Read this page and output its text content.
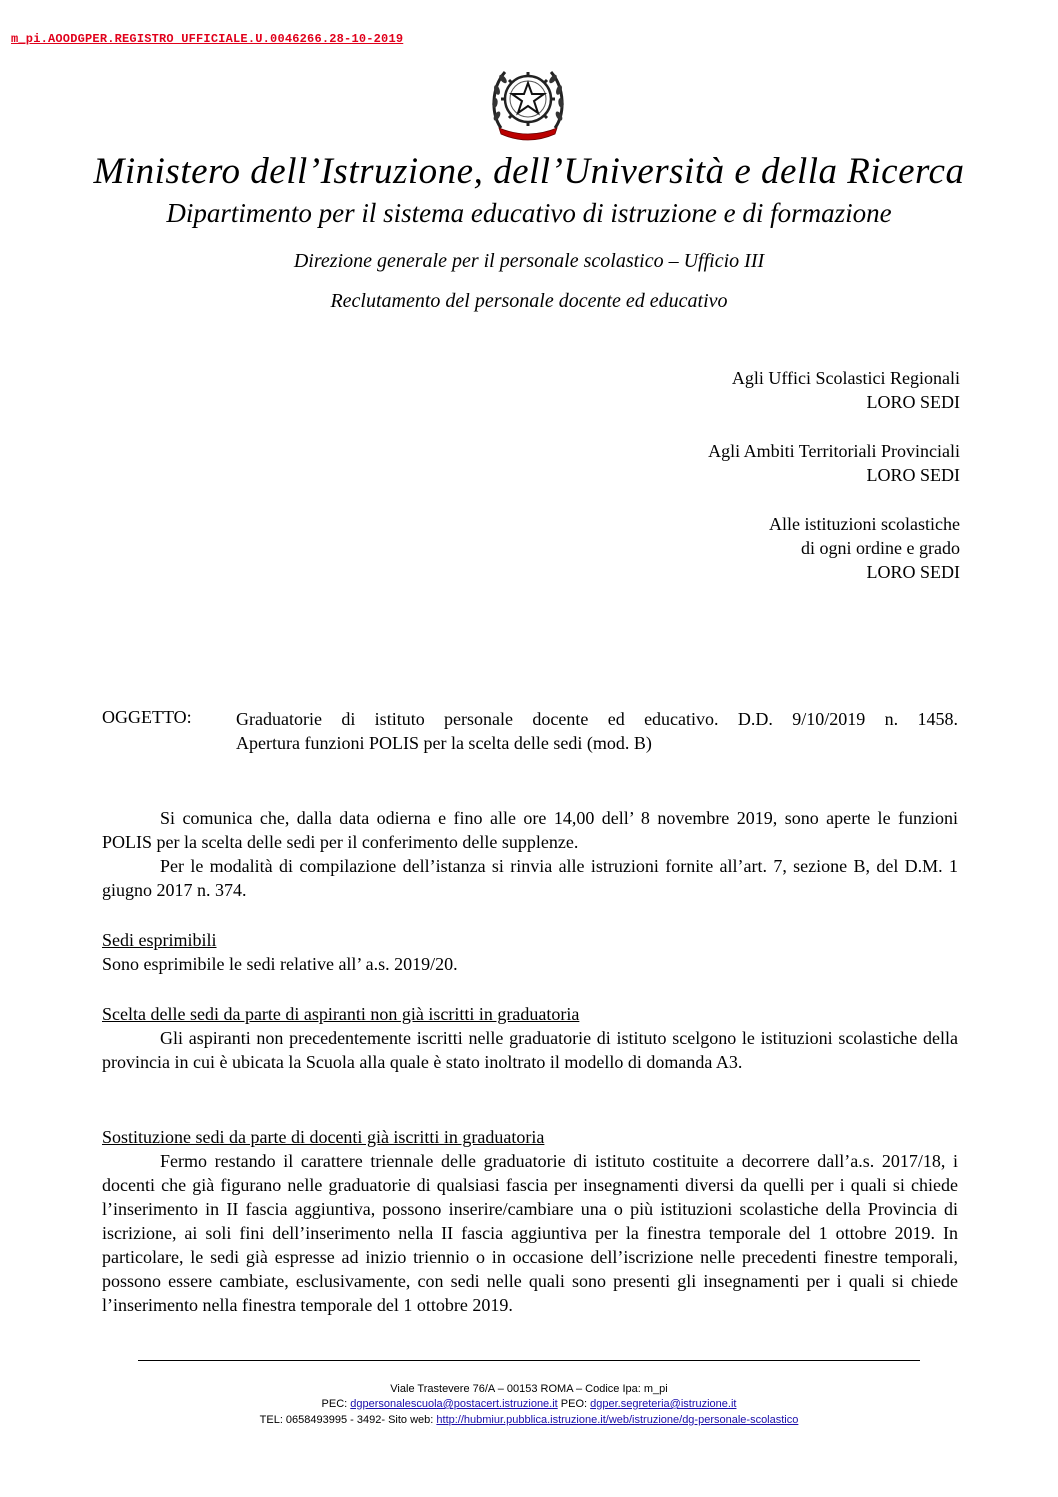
m_pi.AOODGPER.REGISTRO UFFICIALE.U.0046266.28-10-2019
Ministero dell’Istruzione, dell’Università e della Ricerca
Dipartimento per il sistema educativo di istruzione e di formazione
Direzione generale per il personale scolastico – Ufficio III
Reclutamento del personale docente ed educativo
Agli Uffici Scolastici Regionali
LORO SEDI
Agli Ambiti Territoriali Provinciali
LORO SEDI
Alle istituzioni scolastiche
di ogni ordine e grado
LORO SEDI
OGGETTO: Graduatorie di istituto personale docente ed educativo. D.D. 9/10/2019 n. 1458.
Apertura funzioni POLIS per la scelta delle sedi (mod. B)

Si comunica che, dalla data odierna e fino alle ore 14,00 dell’ 8 novembre 2019, sono aperte le funzioni POLIS per la scelta delle sedi per il conferimento delle supplenze.

Per le modalità di compilazione dell’istanza si rinvia alle istruzioni fornite all’art. 7, sezione B, del D.M. 1 giugno 2017 n. 374.

Sedi esprimibili

Sono esprimibile le sedi relative all’ a.s. 2019/20.

Scelta delle sedi da parte di aspiranti non già iscritti in graduatoria

Gli aspiranti non precedentemente iscritti nelle graduatorie di istituto scelgono le istituzioni scolastiche della provincia in cui è ubicata la Scuola alla quale è stato inoltrato il modello di domanda A3.

Sostituzione sedi da parte di docenti già iscritti in graduatoria

Fermo restando il carattere triennale delle graduatorie di istituto costituite a decorrere dall’a.s. 2017/18, i docenti che già figurano nelle graduatorie di qualsiasi fascia per insegnamenti diversi da quelli per i quali si chiede l’inserimento in II fascia aggiuntiva, possono inserire/cambiare una o più istituzioni scolastiche della Provincia di iscrizione, ai soli fini dell’inserimento nella II fascia aggiuntiva per la finestra temporale del 1 ottobre 2019. In particolare, le sedi già espresse ad inizio triennio o in occasione dell’iscrizione nelle precedenti finestre temporali, possono essere cambiate, esclusivamente, con sedi nelle quali sono presenti gli insegnamenti per i quali si chiede l’inserimento nella finestra temporale del 1 ottobre 2019.

Viale Trastevere 76/A – 00153 ROMA – Codice Ipa: m_pi
PEC: dgpersonalescuola@postacert.istruzione.it PEO: dgper.segreteria@istruzione.it
TEL: 0658493995 - 3492- Sito web: http://hubmiur.pubblica.istruzione.it/web/istruzione/dg-personale-scolastico
